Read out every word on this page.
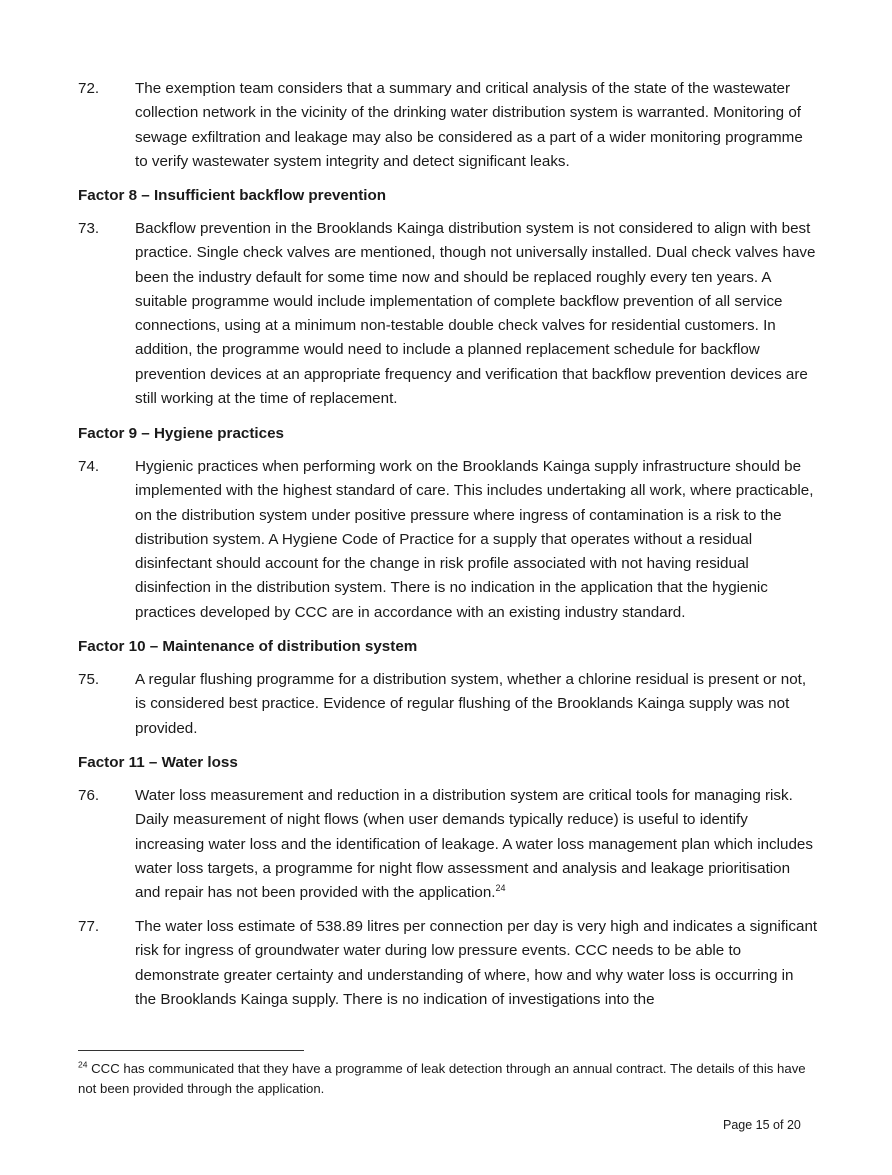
72.	The exemption team considers that a summary and critical analysis of the state of the wastewater collection network in the vicinity of the drinking water distribution system is warranted. Monitoring of sewage exfiltration and leakage may also be considered as a part of a wider monitoring programme to verify wastewater system integrity and detect significant leaks.
Factor 8 – Insufficient backflow prevention
73.	Backflow prevention in the Brooklands Kainga distribution system is not considered to align with best practice. Single check valves are mentioned, though not universally installed. Dual check valves have been the industry default for some time now and should be replaced roughly every ten years. A suitable programme would include implementation of complete backflow prevention of all service connections, using at a minimum non-testable double check valves for residential customers. In addition, the programme would need to include a planned replacement schedule for backflow prevention devices at an appropriate frequency and verification that backflow prevention devices are still working at the time of replacement.
Factor 9 – Hygiene practices
74.	Hygienic practices when performing work on the Brooklands Kainga supply infrastructure should be implemented with the highest standard of care. This includes undertaking all work, where practicable, on the distribution system under positive pressure where ingress of contamination is a risk to the distribution system. A Hygiene Code of Practice for a supply that operates without a residual disinfectant should account for the change in risk profile associated with not having residual disinfection in the distribution system. There is no indication in the application that the hygienic practices developed by CCC are in accordance with an existing industry standard.
Factor 10 – Maintenance of distribution system
75.	A regular flushing programme for a distribution system, whether a chlorine residual is present or not, is considered best practice. Evidence of regular flushing of the Brooklands Kainga supply was not provided.
Factor 11 – Water loss
76.	Water loss measurement and reduction in a distribution system are critical tools for managing risk. Daily measurement of night flows (when user demands typically reduce) is useful to identify increasing water loss and the identification of leakage. A water loss management plan which includes water loss targets, a programme for night flow assessment and analysis and leakage prioritisation and repair has not been provided with the application.$^{24}$
77.	The water loss estimate of 538.89 litres per connection per day is very high and indicates a significant risk for ingress of groundwater water during low pressure events. CCC needs to be able to demonstrate greater certainty and understanding of where, how and why water loss is occurring in the Brooklands Kainga supply. There is no indication of investigations into the
$^{24}$ CCC has communicated that they have a programme of leak detection through an annual contract. The details of this have not been provided through the application.
Page 15 of 20
